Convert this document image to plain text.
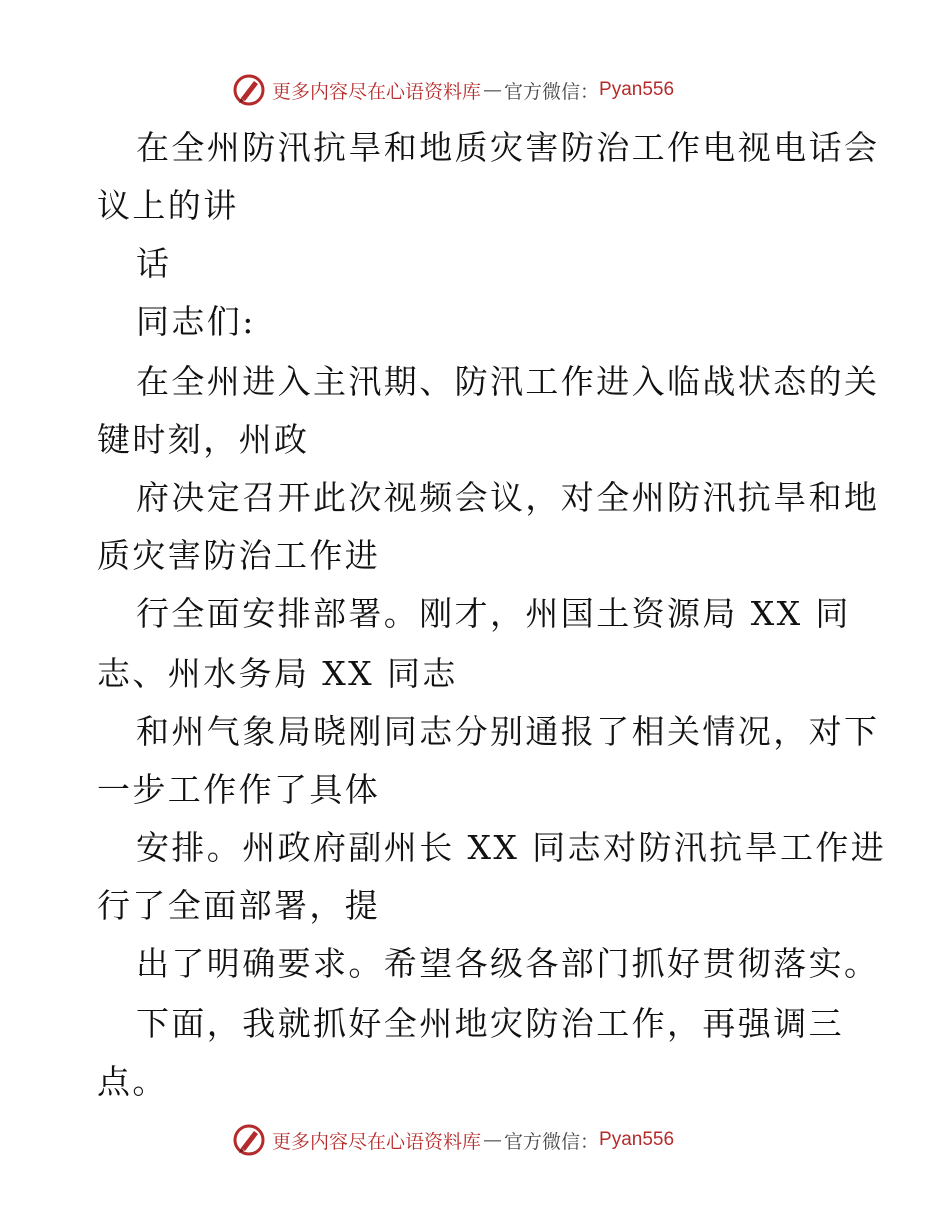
更多内容尽在心语资料库 — 官方微信： Pyan556
在全州防汛抗旱和地质灾害防治工作电视电话会
议上的讲
话
同志们:
在全州进入主汛期、防汛工作进入临战状态的关
键时刻，州政
府决定召开此次视频会议，对全州防汛抗旱和地
质灾害防治工作进
行全面安排部署。刚才，州国土资源局 XX 同
志、州水务局 XX 同志
和州气象局晓刚同志分别通报了相关情况，对下
一步工作作了具体
安排。州政府副州长 XX 同志对防汛抗旱工作进
行了全面部署，提
出了明确要求。希望各级各部门抓好贯彻落实。
下面，我就抓好全州地灾防治工作，再强调三
点。
更多内容尽在心语资料库 — 官方微信： Pyan556
